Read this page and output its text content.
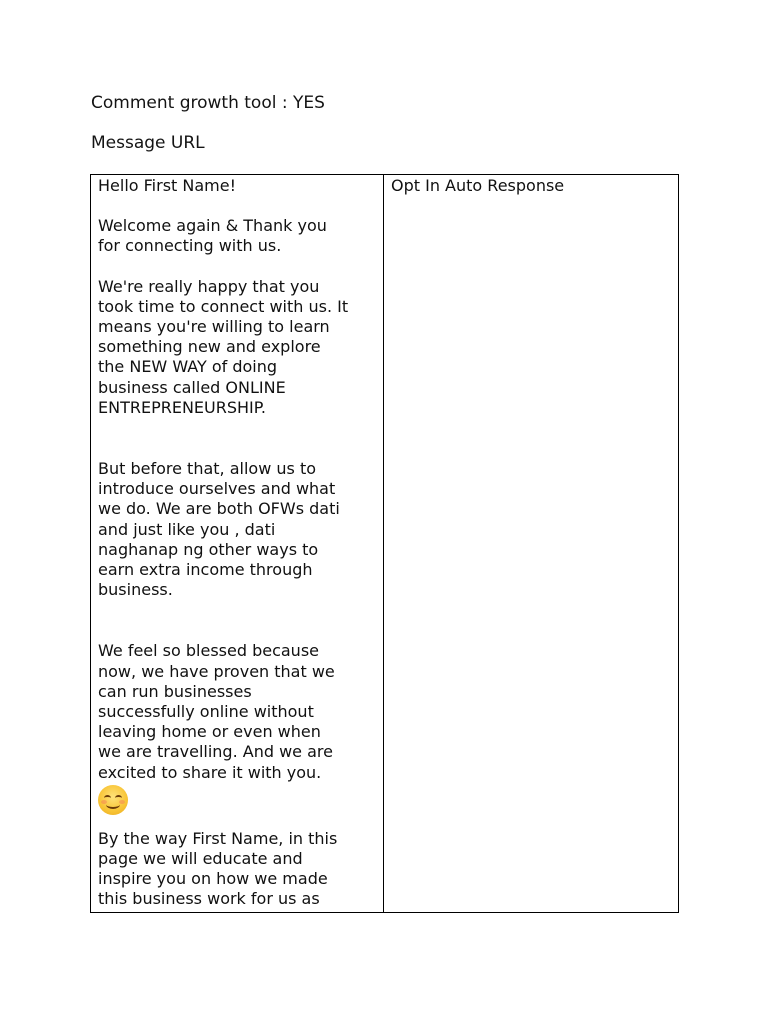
Comment growth tool : YES
Message URL

Hello First Name!

Welcome again & Thank you
for connecting with us.

We're really happy that you
took time to connect with us. It
means you're willing to learn
something new and explore
the NEW WAY of doing
business called ONLINE
ENTREPRENEURSHIP.

But before that, allow us to
introduce ourselves and what
we do. We are both OFWs dati
and just like you , dati
naghanap ng other ways to
earn extra income through
business.

We feel so blessed because
now, we have proven that we
can run businesses
successfully online without
leaving home or even when
we are travelling. And we are
excited to share it with you.

By the way First Name, in this
page we will educate and
inspire you on how we made
this business work for us as

Opt In Auto Response
